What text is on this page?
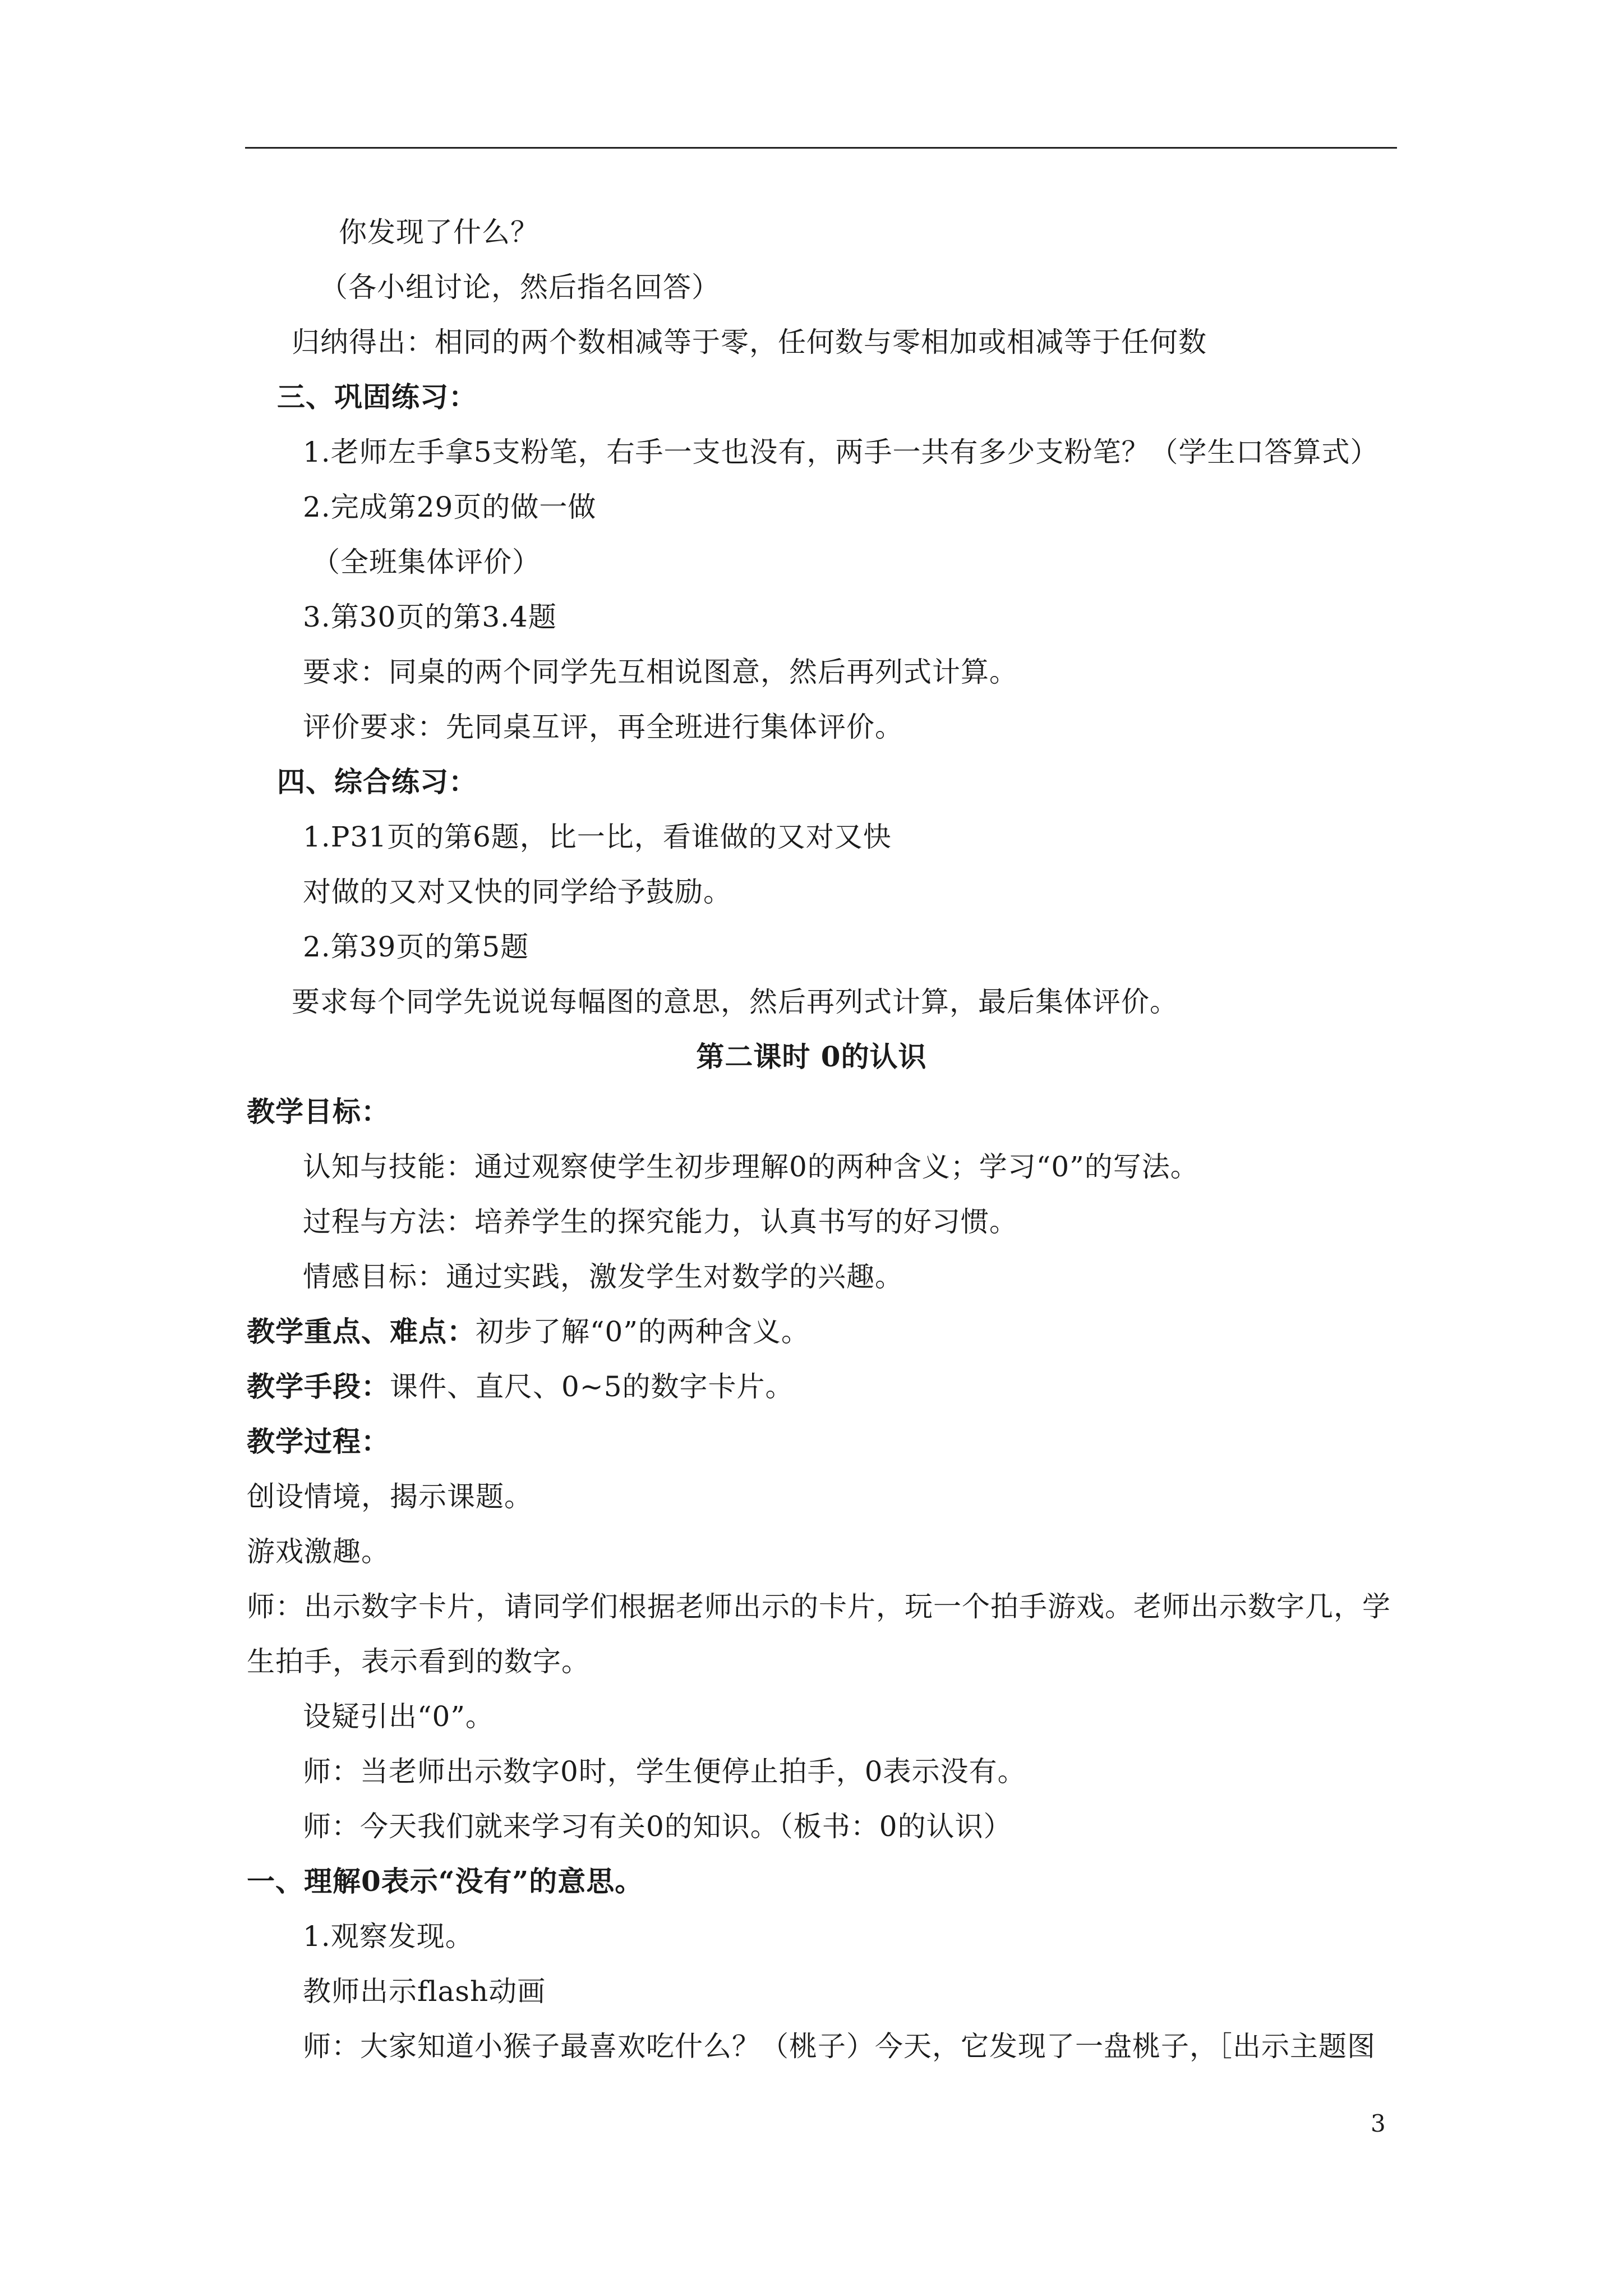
你发现了什么？
（各小组讨论，然后指名回答）
归纳得出：相同的两个数相减等于零，任何数与零相加或相减等于任何数
三、巩固练习：
1.老师左手拿5支粉笔，右手一支也没有，两手一共有多少支粉笔？（学生口答算式）
2.完成第29页的做一做
（全班集体评价）
3.第30页的第3.4题
要求：同桌的两个同学先互相说图意，然后再列式计算。
评价要求：先同桌互评，再全班进行集体评价。
四、综合练习：
1.P31页的第6题，比一比，看谁做的又对又快
对做的又对又快的同学给予鼓励。
2.第39页的第5题
要求每个同学先说说每幅图的意思，然后再列式计算，最后集体评价。
第二课时 0的认识
教学目标：
认知与技能：通过观察使学生初步理解0的两种含义；学习“0”的写法。
过程与方法：培养学生的探究能力，认真书写的好习惯。
情感目标：通过实践，激发学生对数学的兴趣。
教学重点、难点：初步了解“0”的两种含义。
教学手段：课件、直尺、0~5的数字卡片。
教学过程：
创设情境，揭示课题。
游戏激趣。
师：出示数字卡片，请同学们根据老师出示的卡片，玩一个拍手游戏。老师出示数字几，学
生拍手，表示看到的数字。
设疑引出“0”。
师：当老师出示数字0时，学生便停止拍手，0表示没有。
师：今天我们就来学习有关0的知识。（板书：0的认识）
一、理解0表示“没有”的意思。
1.观察发现。
教师出示flash动画
师：大家知道小猴子最喜欢吃什么？（桃子）今天，它发现了一盘桃子，［出示主题图
3
